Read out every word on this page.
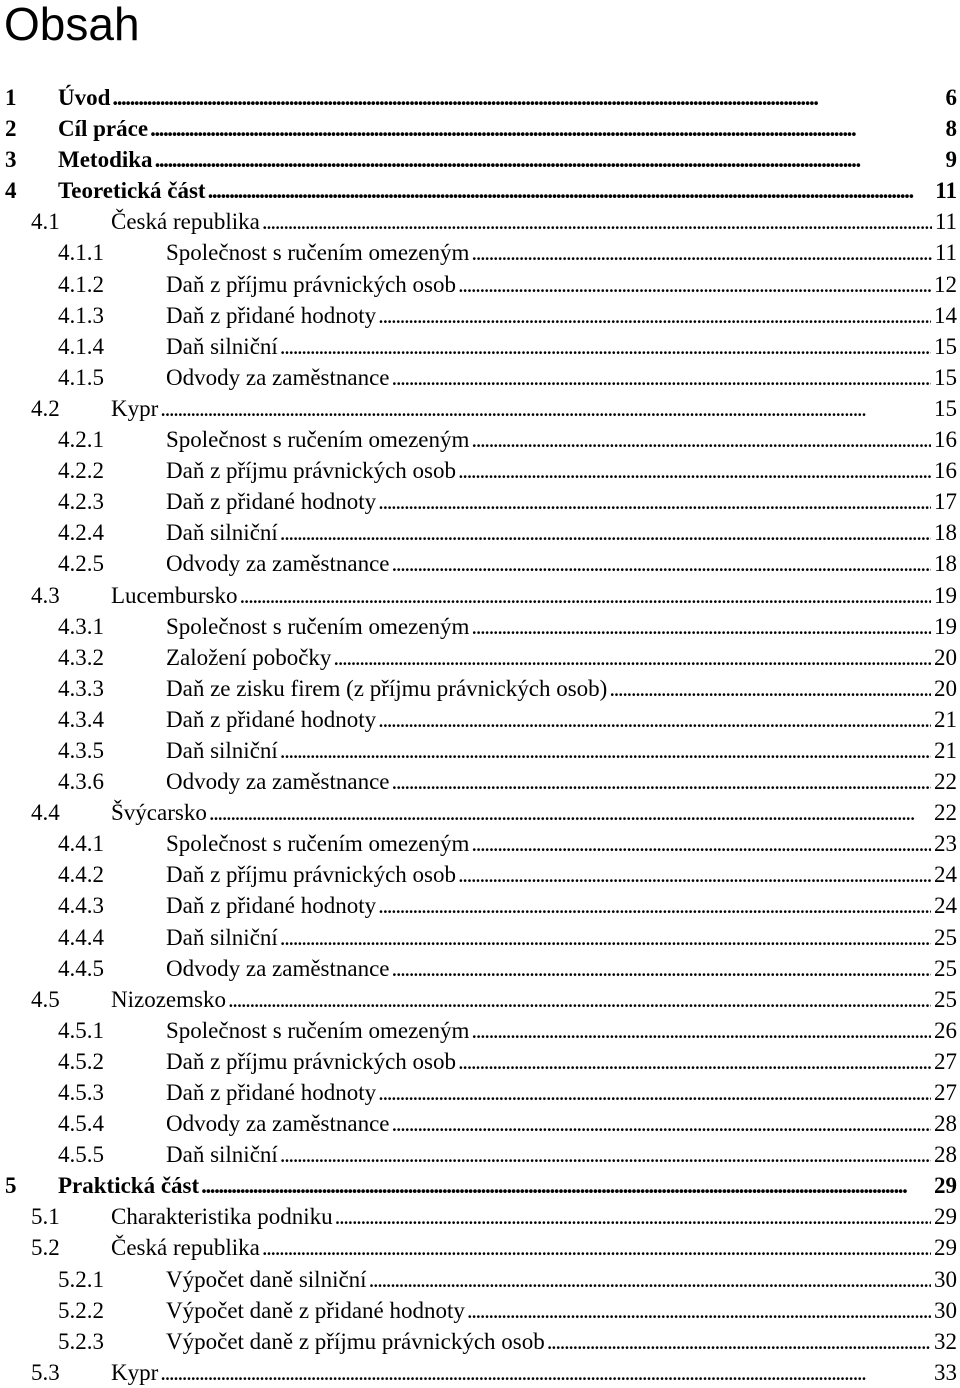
Obsah
1 Úvod . . .	6
2 Cíl práce . . .	8
3 Metodika . . .	9
4 Teoretická část . . .	11
4.1 Česká republika . . .	11
4.1.1	Společnost s ručením omezeným . . .	11
4.1.2	Daň z příjmu právnických osob . . .	12
4.1.3	Daň z přidané hodnoty . . .	14
4.1.4	Daň silniční . . .	15
4.1.5	Odvody za zaměstnance . . .	15
4.2 Kypr . . .	15
4.2.1	Společnost s ručením omezeným . . .	16
4.2.2	Daň z příjmu právnických osob . . .	16
4.2.3	Daň z přidané hodnoty . . .	17
4.2.4	Daň silniční . . .	18
4.2.5	Odvody za zaměstnance . . .	18
4.3 Lucembursko . . .	19
4.3.1	Společnost s ručením omezeným . . .	19
4.3.2	Založení pobočky . . .	20
4.3.3	Daň ze zisku firem (z příjmu právnických osob) . . .	20
4.3.4	Daň z přidané hodnoty . . .	21
4.3.5	Daň silniční . . .	21
4.3.6	Odvody za zaměstnance . . .	22
4.4 Švýcarsko . . .	22
4.4.1	Společnost s ručením omezeným . . .	23
4.4.2	Daň z příjmu právnických osob . . .	24
4.4.3	Daň z přidané hodnoty . . .	24
4.4.4	Daň silniční . . .	25
4.4.5	Odvody za zaměstnance . . .	25
4.5 Nizozemsko . . .	25
4.5.1	Společnost s ručením omezeným . . .	26
4.5.2	Daň z příjmu právnických osob . . .	27
4.5.3	Daň z přidané hodnoty . . .	27
4.5.4	Odvody za zaměstnance . . .	28
4.5.5	Daň silniční . . .	28
5 Praktická část . . .	29
5.1 Charakteristika podniku . . .	29
5.2 Česká republika . . .	29
5.2.1	Výpočet daně silniční . . .	30
5.2.2	Výpočet daně z přidané hodnoty . . .	30
5.2.3	Výpočet daně z příjmu právnických osob . . .	32
5.3 Kypr . . .	33
